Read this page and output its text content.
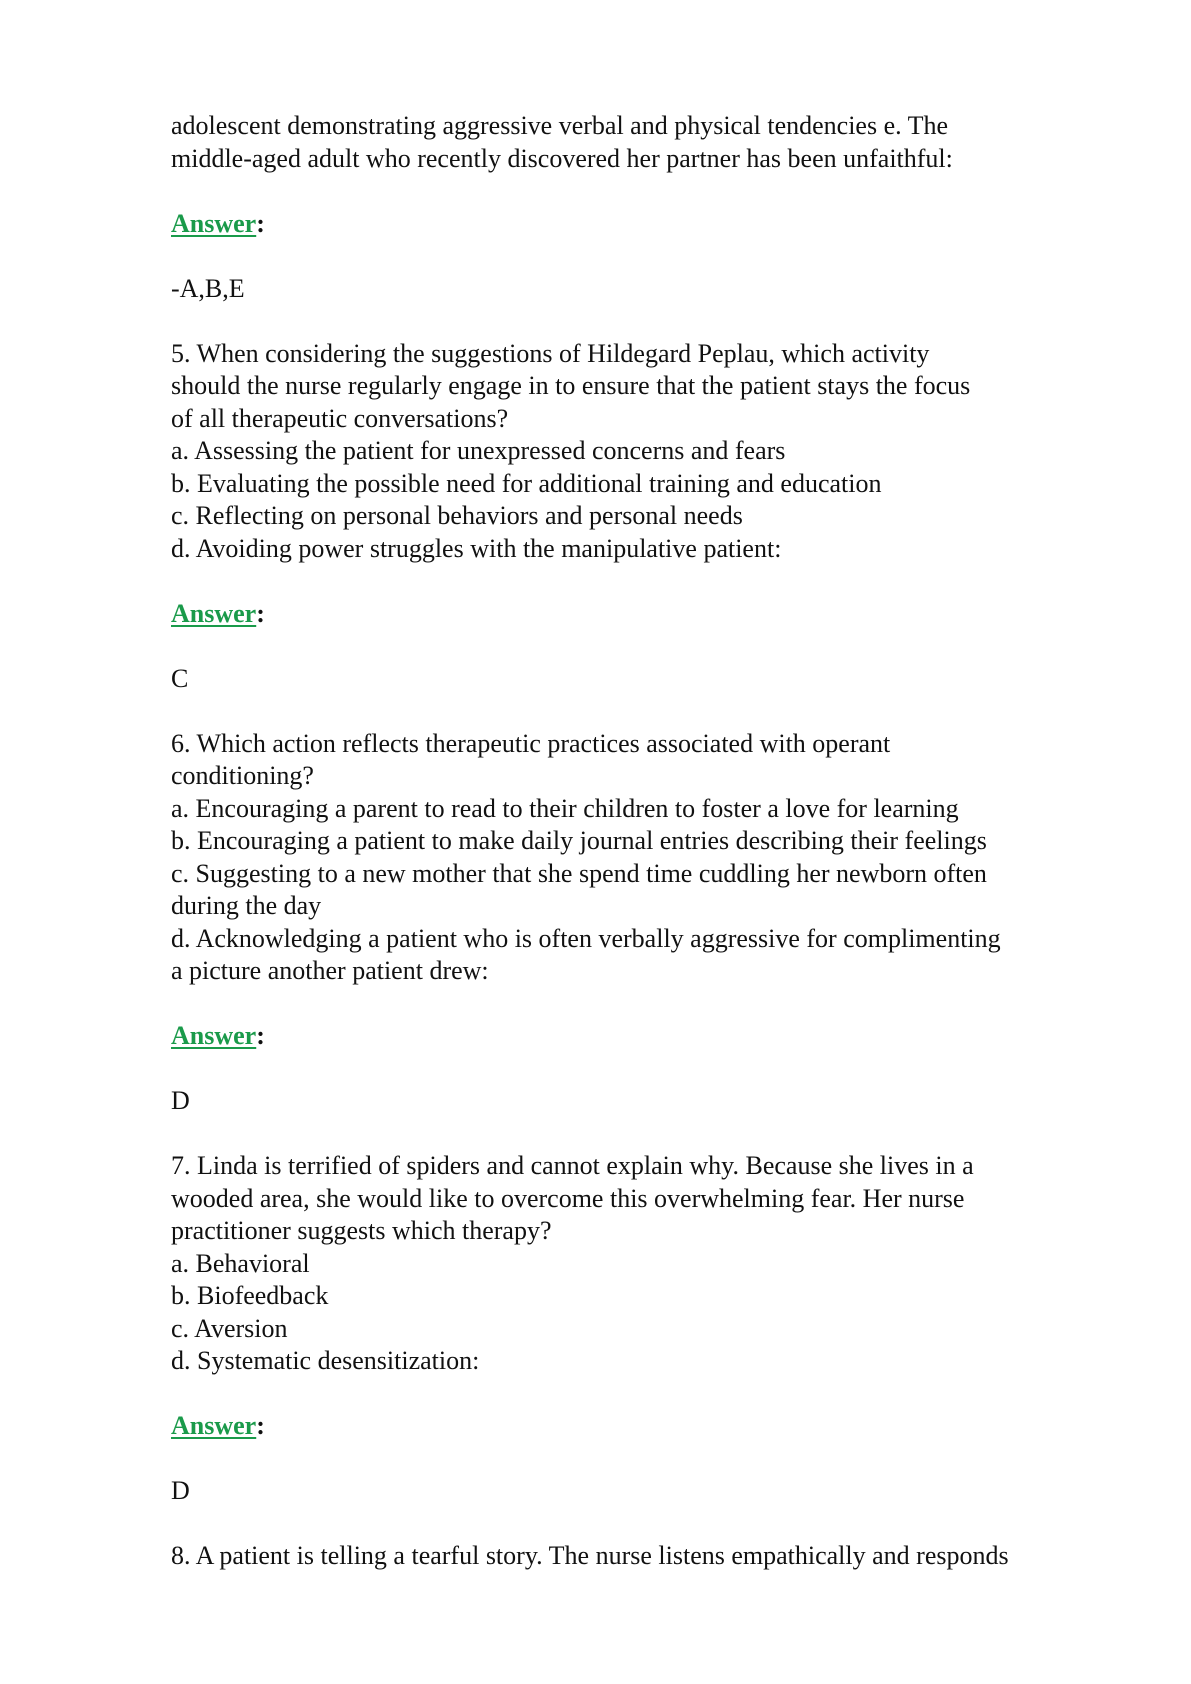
adolescent demonstrating aggressive verbal and physical tendencies e. The

middle-aged adult who recently discovered her partner has been unfaithful:

Answer:

-A,B,E

5. When considering the suggestions of Hildegard Peplau, which activity

should the nurse regularly engage in to ensure that the patient stays the focus

of all therapeutic conversations?

a. Assessing the patient for unexpressed concerns and fears

b. Evaluating the possible need for additional training and education

c. Reflecting on personal behaviors and personal needs

d. Avoiding power struggles with the manipulative patient:

Answer:

C

6. Which action reflects therapeutic practices associated with operant

conditioning?

a. Encouraging a parent to read to their children to foster a love for learning

b. Encouraging a patient to make daily journal entries describing their feelings

c. Suggesting to a new mother that she spend time cuddling her newborn often

during the day

d. Acknowledging a patient who is often verbally aggressive for complimenting

a picture another patient drew:

Answer:

D

7. Linda is terrified of spiders and cannot explain why. Because she lives in a

wooded area, she would like to overcome this overwhelming fear. Her nurse

practitioner suggests which therapy?

a. Behavioral

b. Biofeedback

c. Aversion

d. Systematic desensitization:

Answer:

D

8. A patient is telling a tearful story. The nurse listens empathically and responds
